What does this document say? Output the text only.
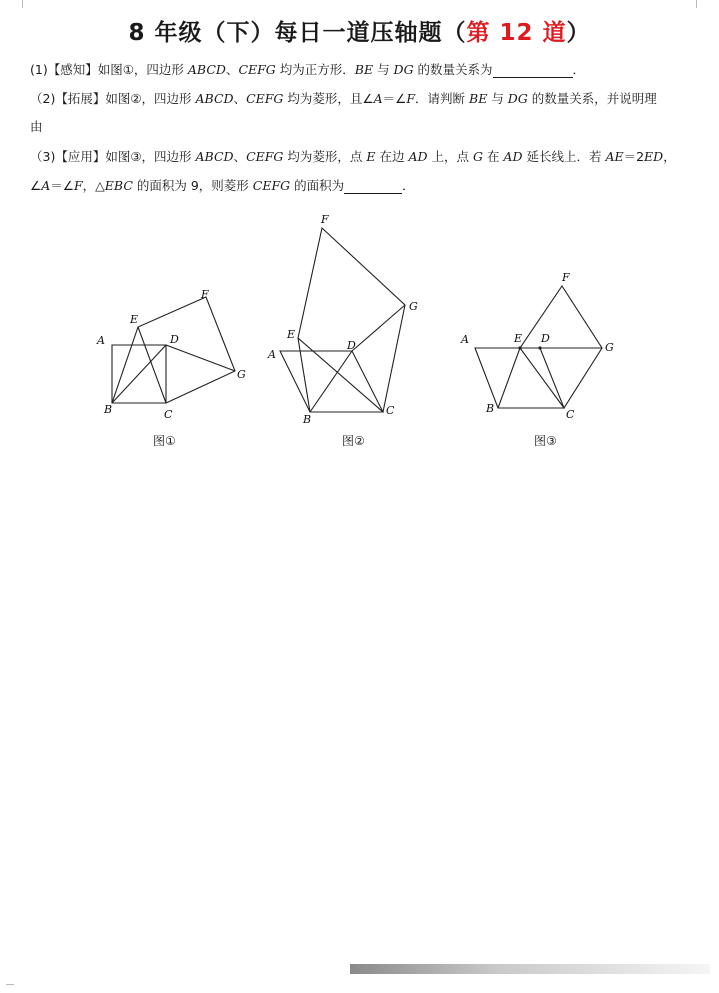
8 年级（下）每日一道压轴题（第 12 道）
(1)【感知】如图①，四边形 ABCD、CEFG 均为正方形．BE 与 DG 的数量关系为	．
（2)【拓展】如图②，四边形 ABCD、CEFG 均为菱形，且∠A＝∠F．请判断 BE 与 DG 的数量关系，并说明理
由
（3)【应用】如图③，四边形 ABCD、CEFG 均为菱形，点 E 在边 AD 上，点 G 在 AD 延长线上．若 AE＝2ED，
∠A＝∠F，△EBC 的面积为 9，则菱形 CEFG 的面积为	．
A
B	C
D
E
F
G
图①
A
B
C
D
E
F
G
图②
A
B	C
D
E
F
G
图③
